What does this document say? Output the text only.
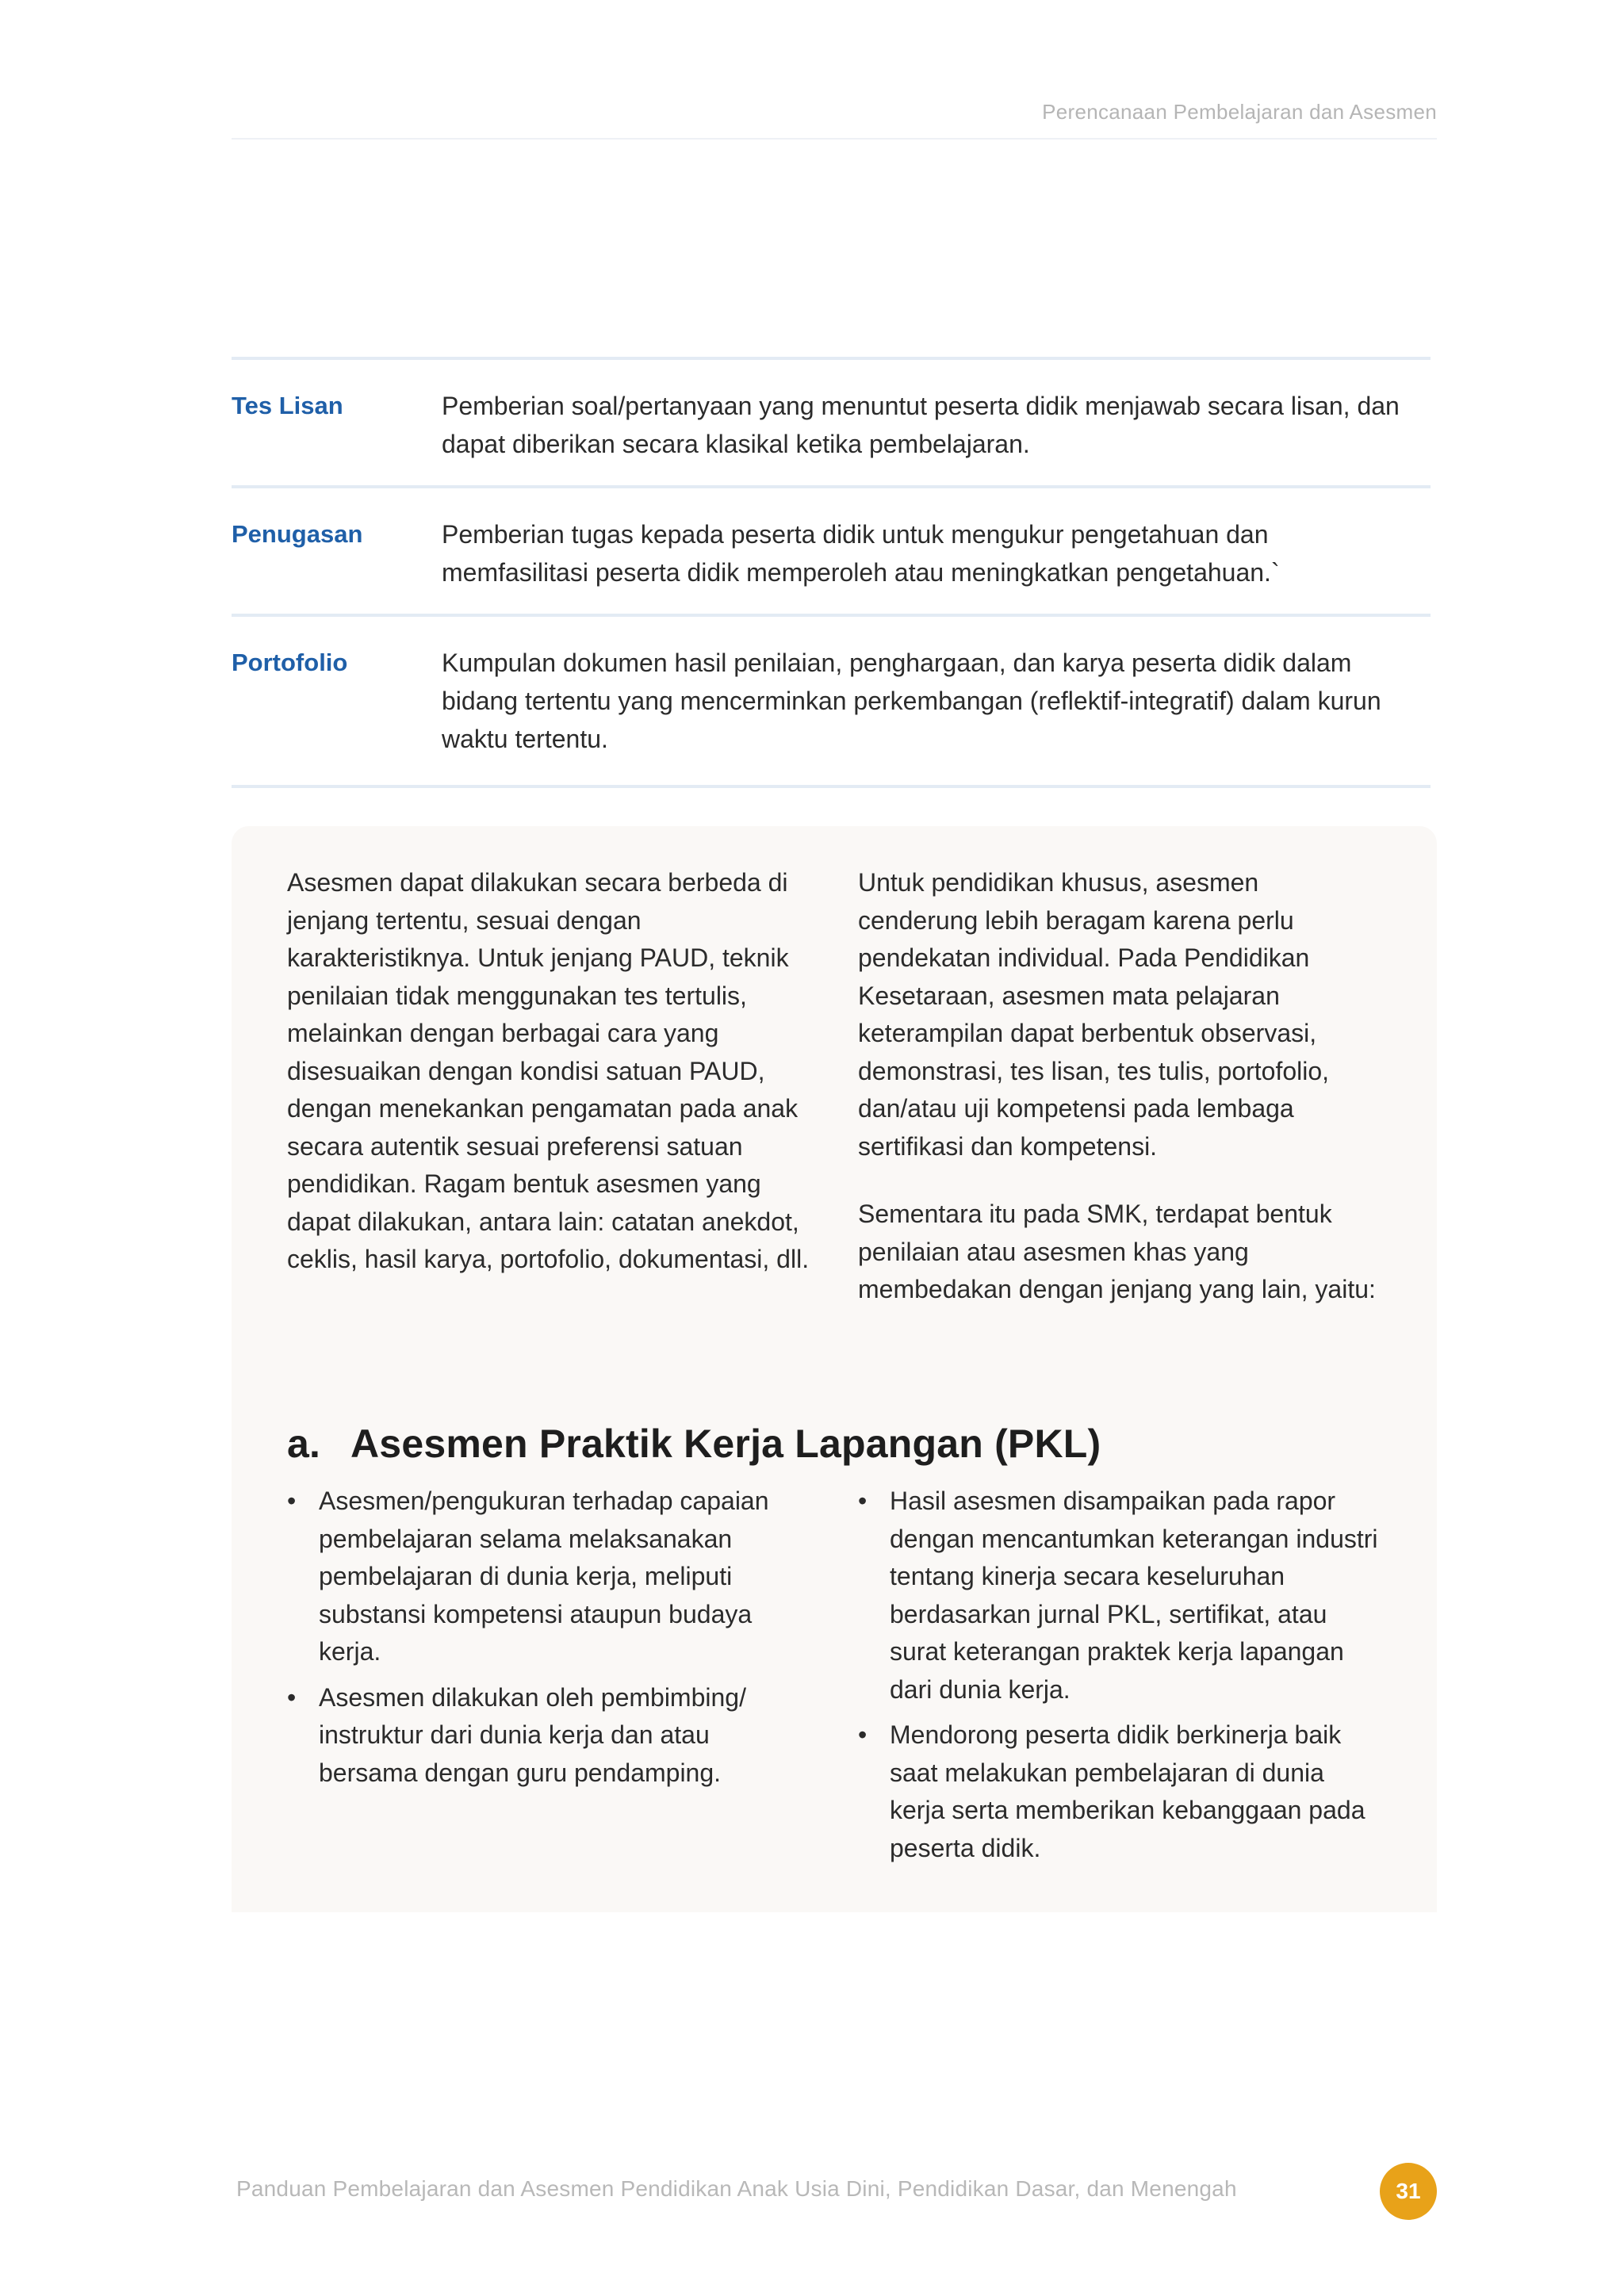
Perencanaan Pembelajaran dan Asesmen
Tes Lisan	Pemberian soal/pertanyaan yang menuntut peserta didik menjawab secara lisan, dan dapat diberikan secara klasikal ketika pembelajaran.
Penugasan	Pemberian tugas kepada peserta didik untuk mengukur pengetahuan dan memfasilitasi peserta didik memperoleh atau meningkatkan pengetahuan.`
Portofolio	Kumpulan dokumen hasil penilaian, penghargaan, dan karya peserta didik dalam bidang tertentu yang mencerminkan perkembangan (reflektif-integratif) dalam kurun waktu tertentu.

Asesmen dapat dilakukan secara berbeda di jenjang tertentu, sesuai dengan karakteristiknya. Untuk jenjang PAUD, teknik penilaian tidak menggunakan tes tertulis, melainkan dengan berbagai cara yang disesuaikan dengan kondisi satuan PAUD, dengan menekankan pengamatan pada anak secara autentik sesuai preferensi satuan pendidikan. Ragam bentuk asesmen yang dapat dilakukan, antara lain: catatan anekdot, ceklis, hasil karya, portofolio, dokumentasi, dll.

Untuk pendidikan khusus, asesmen cenderung lebih beragam karena perlu pendekatan individual. Pada Pendidikan Kesetaraan, asesmen mata pelajaran keterampilan dapat berbentuk observasi, demonstrasi, tes lisan, tes tulis, portofolio, dan/atau uji kompetensi pada lembaga sertifikasi dan kompetensi.

Sementara itu pada SMK, terdapat bentuk penilaian atau asesmen khas yang membedakan dengan jenjang yang lain, yaitu:

a. Asesmen Praktik Kerja Lapangan (PKL)
• Asesmen/pengukuran terhadap capaian pembelajaran selama melaksanakan pembelajaran di dunia kerja, meliputi substansi kompetensi ataupun budaya kerja.
• Asesmen dilakukan oleh pembimbing/ instruktur dari dunia kerja dan atau bersama dengan guru pendamping.
• Hasil asesmen disampaikan pada rapor dengan mencantumkan keterangan industri tentang kinerja secara keseluruhan berdasarkan jurnal PKL, sertifikat, atau surat keterangan praktek kerja lapangan dari dunia kerja.
• Mendorong peserta didik berkinerja baik saat melakukan pembelajaran di dunia kerja serta memberikan kebanggaan pada peserta didik.
Panduan Pembelajaran dan Asesmen Pendidikan Anak Usia Dini, Pendidikan Dasar, dan Menengah	31
